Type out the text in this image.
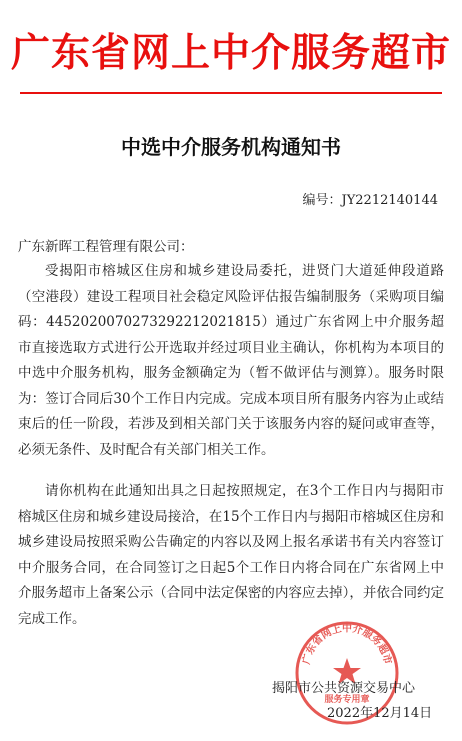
广东省网上中介服务超市
中选中介服务机构通知书
编号：JY2212140144
广东新晖工程管理有限公司：

受揭阳市榕城区住房和城乡建设局委托，进贤门大道延伸段道路（空港段）建设工程项目社会稳定风险评估报告编制服务（采购项目编码：445202007027329221202181​5）通过广东省网上中介服务超市直接选取方式进行公开选取并经过项目业主确认，你机构为本项目的中选中介服务机构，服务金额确定为（暂不做评估与测算）。服务时限为：签订合同后30个工作日内完成。完成本项目所有服务内容为止或结束后的任一阶段，若涉及到相关部门关于该服务内容的疑问或审查等，必须无条件、及时配合有关部门相关工作。

请你机构在此通知出具之日起按照规定，在3个工作日内与揭阳市榕城区住房和城乡建设局接洽，在15个工作日内与揭阳市榕城区住房和城乡建设局按照采购公告确定的内容以及网上报名承诺书有关内容签订中介服务合同，在合同签订之日起5个工作日内将合同在广东省网上中介服务超市上备案公示（合同中法定保密的内容应去掉），并依合同约定完成工作。

广东省网上中介服务超市
服务专用章
揭阳市公共资源交易中心
2022年12月14日
